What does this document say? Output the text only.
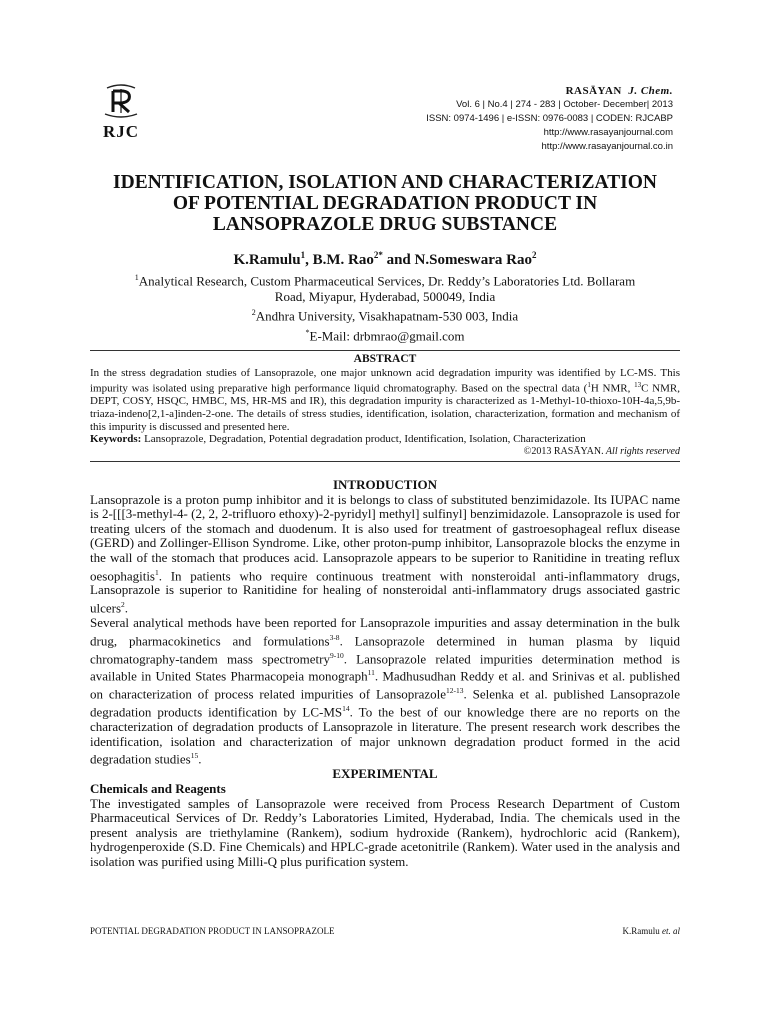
RJC
RASĀYAN J. Chem.
Vol. 6 | No.4 | 274 - 283 | October- December| 2013
ISSN: 0974-1496 | e-ISSN: 0976-0083 | CODEN: RJCABP
http://www.rasayanjournal.com
http://www.rasayanjournal.co.in
IDENTIFICATION, ISOLATION AND CHARACTERIZATION
OF POTENTIAL DEGRADATION PRODUCT IN
LANSOPRAZOLE DRUG SUBSTANCE
K.Ramulu$^1$, B.M. Rao$^{2*}$ and N.Someswara Rao$^2$
$^1$Analytical Research, Custom Pharmaceutical Services, Dr. Reddy’s Laboratories Ltd. Bollaram
Road, Miyapur, Hyderabad, 500049, India
$^2$Andhra University, Visakhapatnam-530 003, India
*E-Mail: drbmrao@gmail.com
ABSTRACT
In the stress degradation studies of Lansoprazole, one major unknown acid degradation impurity was identified by LC-MS. This impurity was isolated using preparative high performance liquid chromatography. Based on the spectral data ($^1$H NMR, $^{13}$C NMR, DEPT, COSY, HSQC, HMBC, MS, HR-MS and IR), this degradation impurity is characterized as 1-Methyl-10-thioxo-10H-4a,5,9b-triaza-indeno[2,1-a]inden-2-one. The details of stress studies, identification, isolation, characterization, formation and mechanism of this impurity is discussed and presented here.
Keywords: Lansoprazole, Degradation, Potential degradation product, Identification, Isolation, Characterization
©2013 RASĀYAN. All rights reserved
INTRODUCTION

Lansoprazole is a proton pump inhibitor and it is belongs to class of substituted benzimidazole. Its IUPAC name is 2-[[[3-methyl-4- (2, 2, 2-trifluoro ethoxy)-2-pyridyl] methyl] sulfinyl] benzimidazole. Lansoprazole is used for treating ulcers of the stomach and duodenum. It is also used for treatment of gastroesophageal reflux disease (GERD) and Zollinger-Ellison Syndrome. Like, other proton-pump inhibitor, Lansoprazole blocks the enzyme in the wall of the stomach that produces acid. Lansoprazole appears to be superior to Ranitidine in treating reflux oesophagitis$^1$. In patients who require continuous treatment with nonsteroidal anti-inflammatory drugs, Lansoprazole is superior to Ranitidine for healing of nonsteroidal anti-inflammatory drugs associated gastric ulcers$^2$.

Several analytical methods have been reported for Lansoprazole impurities and assay determination in the bulk drug, pharmacokinetics and formulations$^{3-8}$. Lansoprazole determined in human plasma by liquid chromatography-tandem mass spectrometry$^{9-10}$. Lansoprazole related impurities determination method is available in United States Pharmacopeia monograph$^{11}$. Madhusudhan Reddy et al. and Srinivas et al. published on characterization of process related impurities of Lansoprazole$^{12-13}$. Selenka et al. published Lansoprazole degradation products identification by LC-MS$^{14}$. To the best of our knowledge there are no reports on the characterization of degradation products of Lansoprazole in literature. The present research work describes the identification, isolation and characterization of major unknown degradation product formed in the acid degradation studies$^{15}$.

EXPERIMENTAL
Chemicals and Reagents

The investigated samples of Lansoprazole were received from Process Research Department of Custom Pharmaceutical Services of Dr. Reddy’s Laboratories Limited, Hyderabad, India. The chemicals used in the present analysis are triethylamine (Rankem), sodium hydroxide (Rankem), hydrochloric acid (Rankem), hydrogenperoxide (S.D. Fine Chemicals) and HPLC-grade acetonitrile (Rankem). Water used in the analysis and isolation was purified using Milli-Q plus purification system.

POTENTIAL DEGRADATION PRODUCT IN LANSOPRAZOLE	K.Ramulu et. al
